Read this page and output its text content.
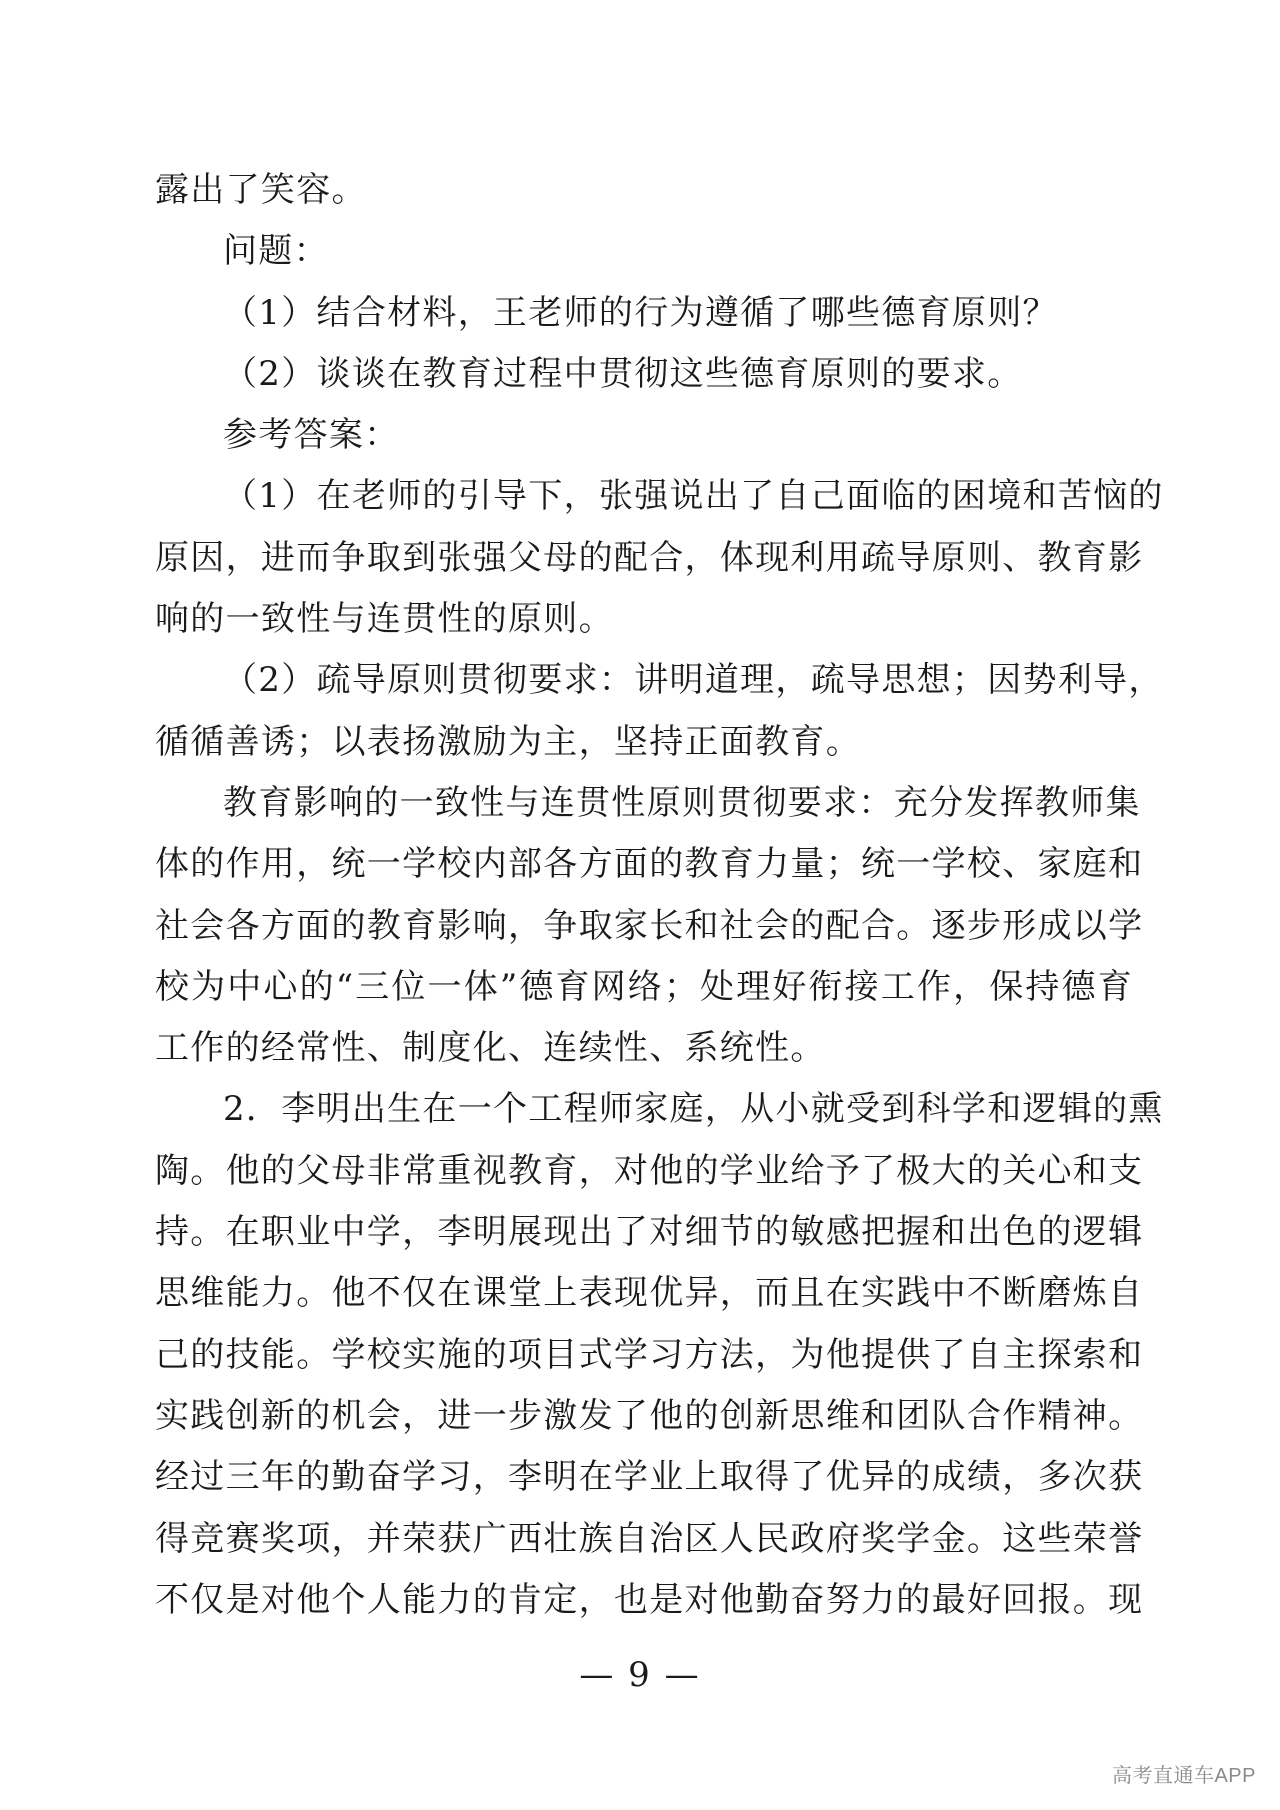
露出了笑容。
问题：
（1）结合材料，王老师的行为遵循了哪些德育原则？
（2）谈谈在教育过程中贯彻这些德育原则的要求。
参考答案：
（1）在老师的引导下，张强说出了自己面临的困境和苦恼的
原因，进而争取到张强父母的配合，体现利用疏导原则、教育影
响的一致性与连贯性的原则。
（2）疏导原则贯彻要求：讲明道理，疏导思想；因势利导，
循循善诱；以表扬激励为主，坚持正面教育。
教育影响的一致性与连贯性原则贯彻要求：充分发挥教师集
体的作用，统一学校内部各方面的教育力量；统一学校、家庭和
社会各方面的教育影响，争取家长和社会的配合。逐步形成以学
校为中心的“三位一体”德育网络；处理好衔接工作，保持德育
工作的经常性、制度化、连续性、系统性。
2．李明出生在一个工程师家庭，从小就受到科学和逻辑的熏
陶。他的父母非常重视教育，对他的学业给予了极大的关心和支
持。在职业中学，李明展现出了对细节的敏感把握和出色的逻辑
思维能力。他不仅在课堂上表现优异，而且在实践中不断磨炼自
己的技能。学校实施的项目式学习方法，为他提供了自主探索和
实践创新的机会，进一步激发了他的创新思维和团队合作精神。
经过三年的勤奋学习，李明在学业上取得了优异的成绩，多次获
得竞赛奖项，并荣获广西壮族自治区人民政府奖学金。这些荣誉
不仅是对他个人能力的肯定，也是对他勤奋努力的最好回报。现
— 9 —
高考直通车APP
